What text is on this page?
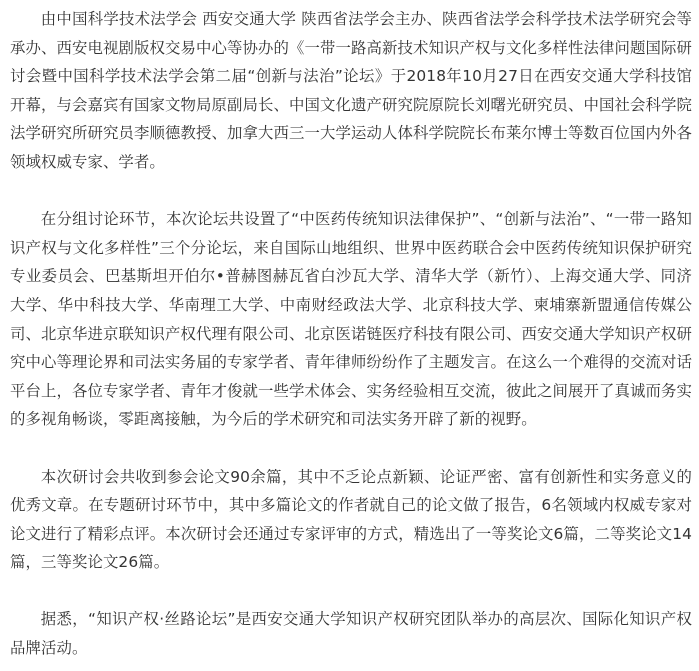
由中国科学技术法学会 西安交通大学 陕西省法学会主办、陕西省法学会科学技术法学研究会等承办、西安电视剧版权交易中心等协办的《一带一路高新技术知识产权与文化多样性法律问题国际研讨会暨中国科学技术法学会第二届“创新与法治”论坛》于2018年10月27日在西安交通大学科技馆开幕，与会嘉宾有国家文物局原副局长、中国文化遗产研究院原院长刘曙光研究员、中国社会科学院法学研究所研究员李顺德教授、加拿大西三一大学运动人体科学院院长布莱尔博士等数百位国内外各领域权威专家、学者。

在分组讨论环节，本次论坛共设置了“中医药传统知识法律保护”、“创新与法治”、“一带一路知识产权与文化多样性”三个分论坛，来自国际山地组织、世界中医药联合会中医药传统知识保护研究专业委员会、巴基斯坦开伯尔•普赫图赫瓦省白沙瓦大学、清华大学（新竹）、上海交通大学、同济大学、华中科技大学、华南理工大学、中南财经政法大学、北京科技大学、柬埔寨新盟通信传媒公司、北京华进京联知识产权代理有限公司、北京医诺链医疗科技有限公司、西安交通大学知识产权研究中心等理论界和司法实务届的专家学者、青年律师纷纷作了主题发言。在这么一个难得的交流对话平台上，各位专家学者、青年才俊就一些学术体会、实务经验相互交流，彼此之间展开了真诚而务实的多视角畅谈，零距离接触，为今后的学术研究和司法实务开辟了新的视野。

本次研讨会共收到参会论文90余篇，其中不乏论点新颖、论证严密、富有创新性和实务意义的优秀文章。在专题研讨环节中，其中多篇论文的作者就自己的论文做了报告，6名领域内权威专家对论文进行了精彩点评。本次研讨会还通过专家评审的方式，精选出了一等奖论文6篇，二等奖论文14篇，三等奖论文26篇。

据悉，“知识产权·丝路论坛”是西安交通大学知识产权研究团队举办的高层次、国际化知识产权品牌活动。
